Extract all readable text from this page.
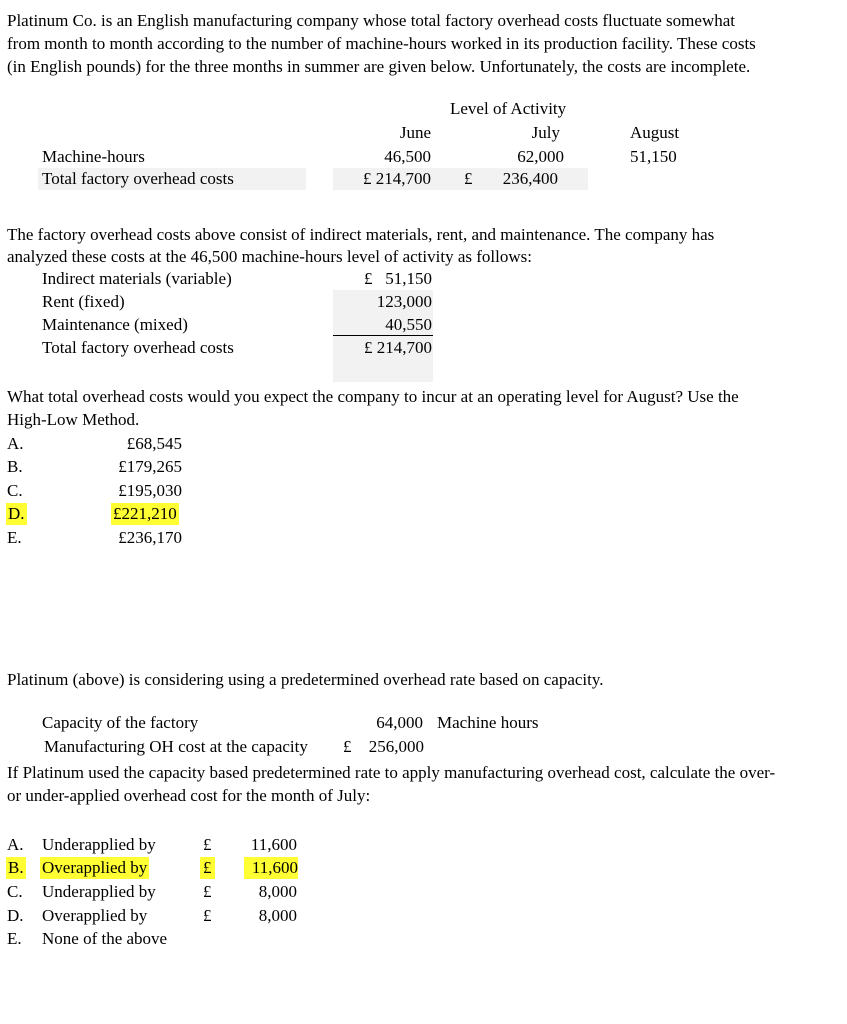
Platinum Co. is an English manufacturing company whose total factory overhead costs fluctuate somewhat
from month to month according to the number of machine-hours worked in its production facility. These costs
(in English pounds) for the three months in summer are given below. Unfortunately, the costs are incomplete.
Level of Activity
June	July	August
Machine-hours	46,500	62,000	51,150
Total factory overhead costs	£ 214,700 £	236,400
The factory overhead costs above consist of indirect materials, rent, and maintenance. The company has
analyzed these costs at the 46,500 machine-hours level of activity as follows:
Indirect materials (variable)	£   51,150
Rent (fixed)	123,000
Maintenance (mixed)	40,550
Total factory overhead costs	£ 214,700
What total overhead costs would you expect the company to incur at an operating level for August? Use the
High-Low Method.
A.	£68,545
B.	£179,265
C.	£195,030
D.	£221,210
E.	£236,170
Platinum (above) is considering using a predetermined overhead rate based on capacity.
Capacity of the factory	64,000 Machine hours
Manufacturing OH cost at the capacity £	256,000
If Platinum used the capacity based predetermined rate to apply manufacturing overhead cost, calculate the over-
or under-applied overhead cost for the month of July:
A. Underapplied by	£	11,600
B. Overapplied by	£	11,600
C. Underapplied by	£	8,000
D. Overapplied by	£	8,000
E. None of the above
